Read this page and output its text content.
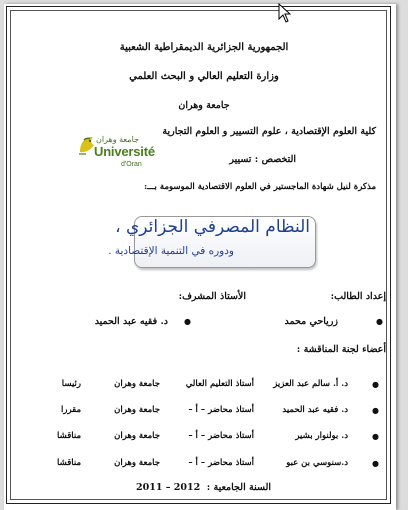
الجمهورية الجزائرية الديمقراطية الشعبية
وزارة التعليم العالي و البحث العلمي
جامعة وهران
كلية العلوم الإقتصادية ، علوم التسيير و العلوم التجارية
التخصص : تسيير
مذكرة لنيل شهادة الماجستير في العلوم الاقتصادية الموسومة بـــ:
جامعة وهران
Université
d'Oran
النظام المصرفي الجزائري ،
ودوره في التنمية الإقتصادية .
إعداد الطالب:
الأستاذ المشرف:
●
زرياحي محمد
●
د. فقيه عبد الحميد
أعضاء لجنة المناقشة :
●
د. أ. سالم عبد العزيز
أستاذ التعليم العالي
جامعة وهران
رئيسا
●
د. فقيه عبد الحميد
أستاذ محاضر – أ –
جامعة وهران
مقررا
●
د. بولنوار بشير
أستاذ محاضر – أ –
جامعة وهران
مناقشا
●
د.سنوسي بن عبو
أستاذ محاضر – أ –
جامعة وهران
مناقشا
السنة الجامعية :
2011 – 2012
